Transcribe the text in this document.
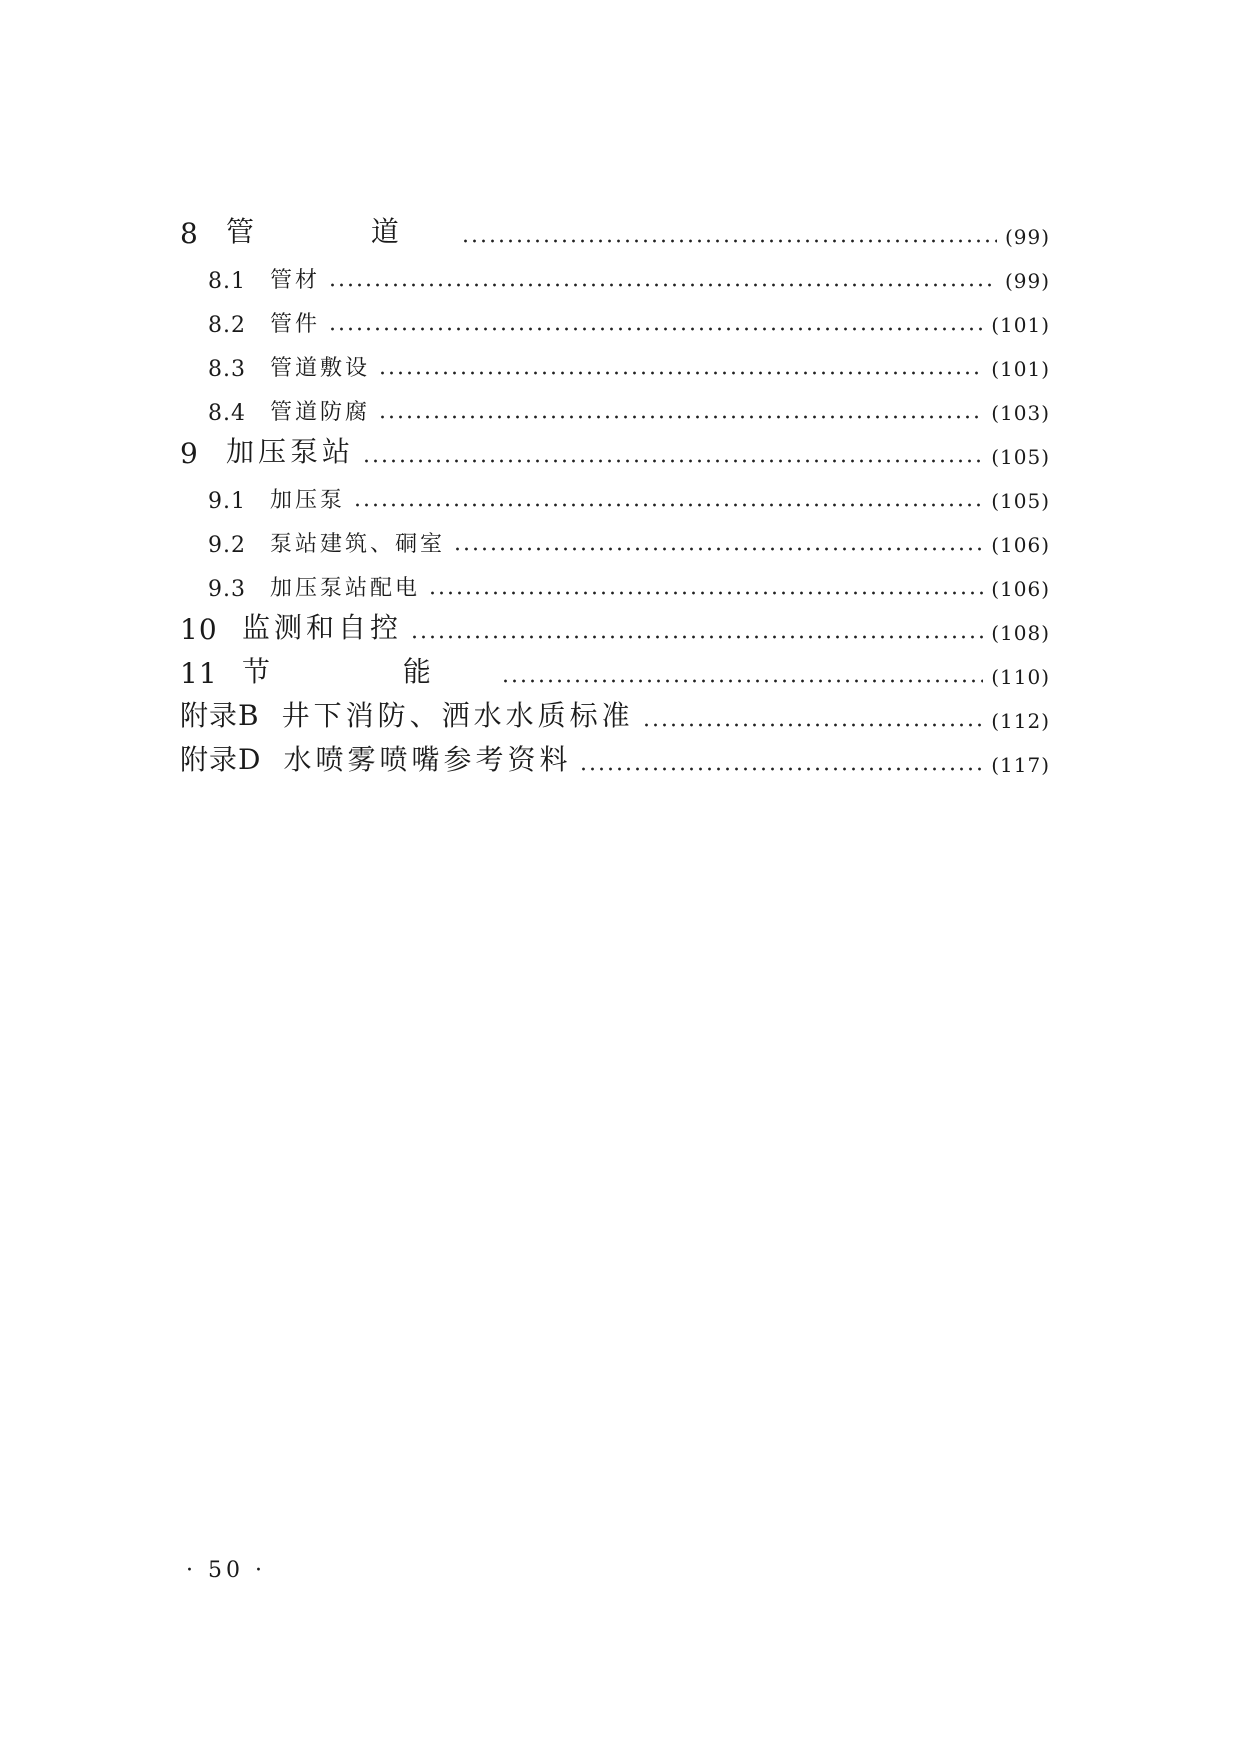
8 管 道	(99)
8.1	管材	(99)
8.2	管件	(101)
8.3	管道敷设	(101)
8.4	管道防腐	(103)
9 加压泵站	(105)
9.1	加压泵	(105)
9.2	泵站建筑、硐室	(106)
9.3	加压泵站配电	(106)
10 监测和自控	(108)
11 节 能	(110)
附录B 井下消防、洒水水质标准	(112)
附录D 水喷雾喷嘴参考资料	(117)
· 50 ·
